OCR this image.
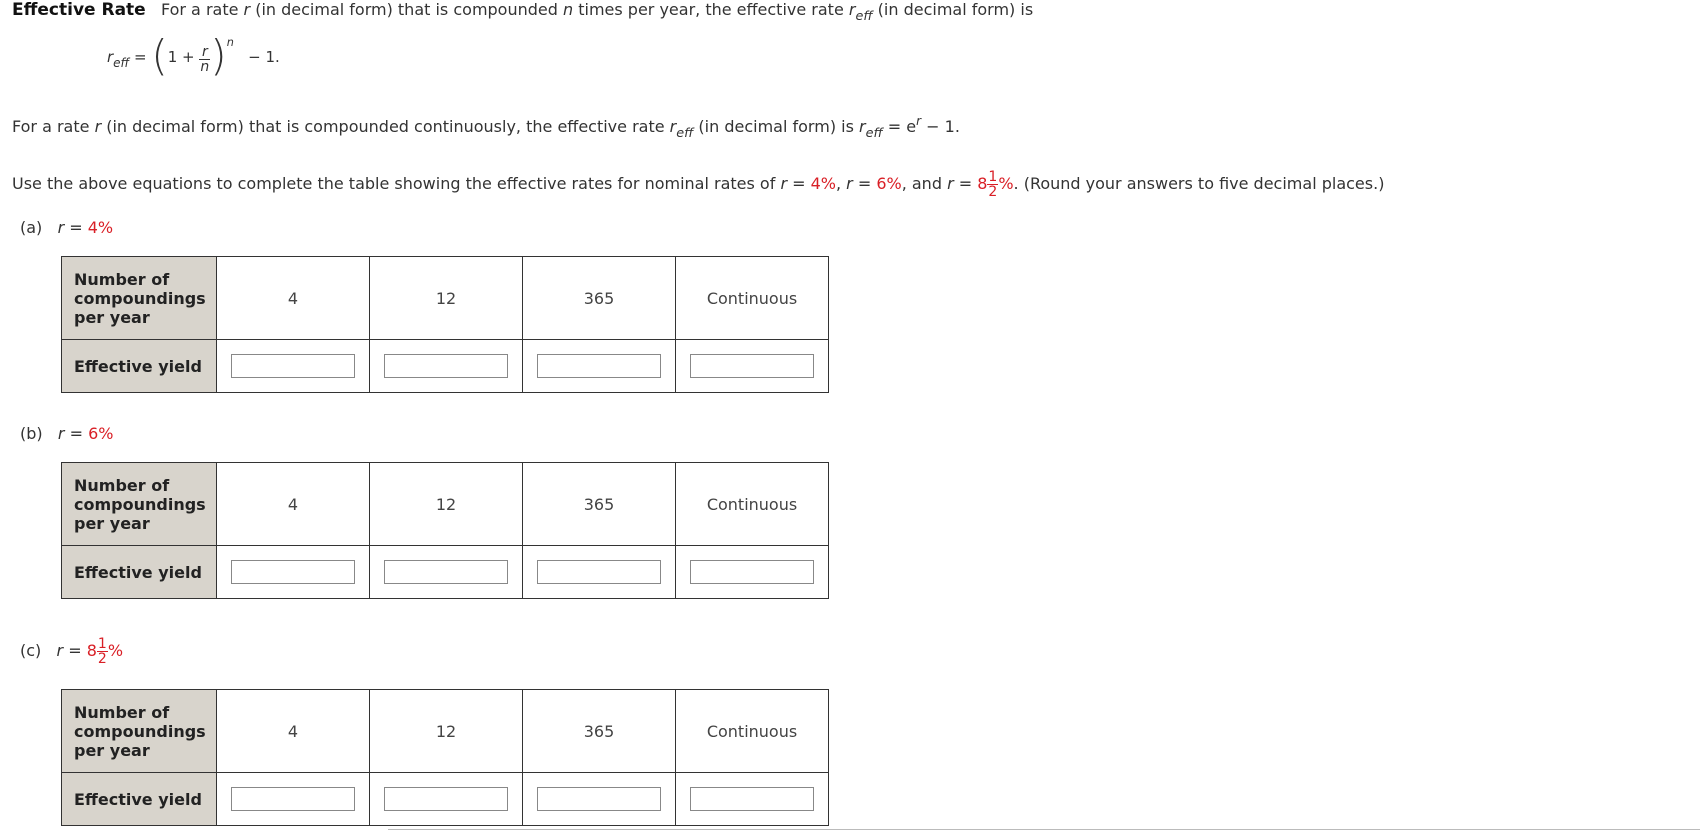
Effective Rate For a rate r (in decimal form) that is compounded n times per year, the effective rate $r_{eff}$ (in decimal form) is
$r_{eff} = (1 + \frac{r}{n} )^n - 1$.
For a rate r (in decimal form) that is compounded continuously, the effective rate $r_{eff}$ (in decimal form) is $r_{eff} = e^r - 1$.
Use the above equations to complete the table showing the effective rates for nominal rates of r = 4%, r = 6%, and $r = 8 \frac{1}{2}$ %. (Round your answers to five decimal places.)
(a) r = 4%
Number of
compoundings
per year	4	12	365	Continuous
Effective yield	

(b) r = 6%
Number of
compoundings
per year	4	12	365	Continuous
Effective yield	

(c) $r = 8 \frac{1}{2}$ %
Number of
compoundings
per year	4	12	365	Continuous
Effective yield	
